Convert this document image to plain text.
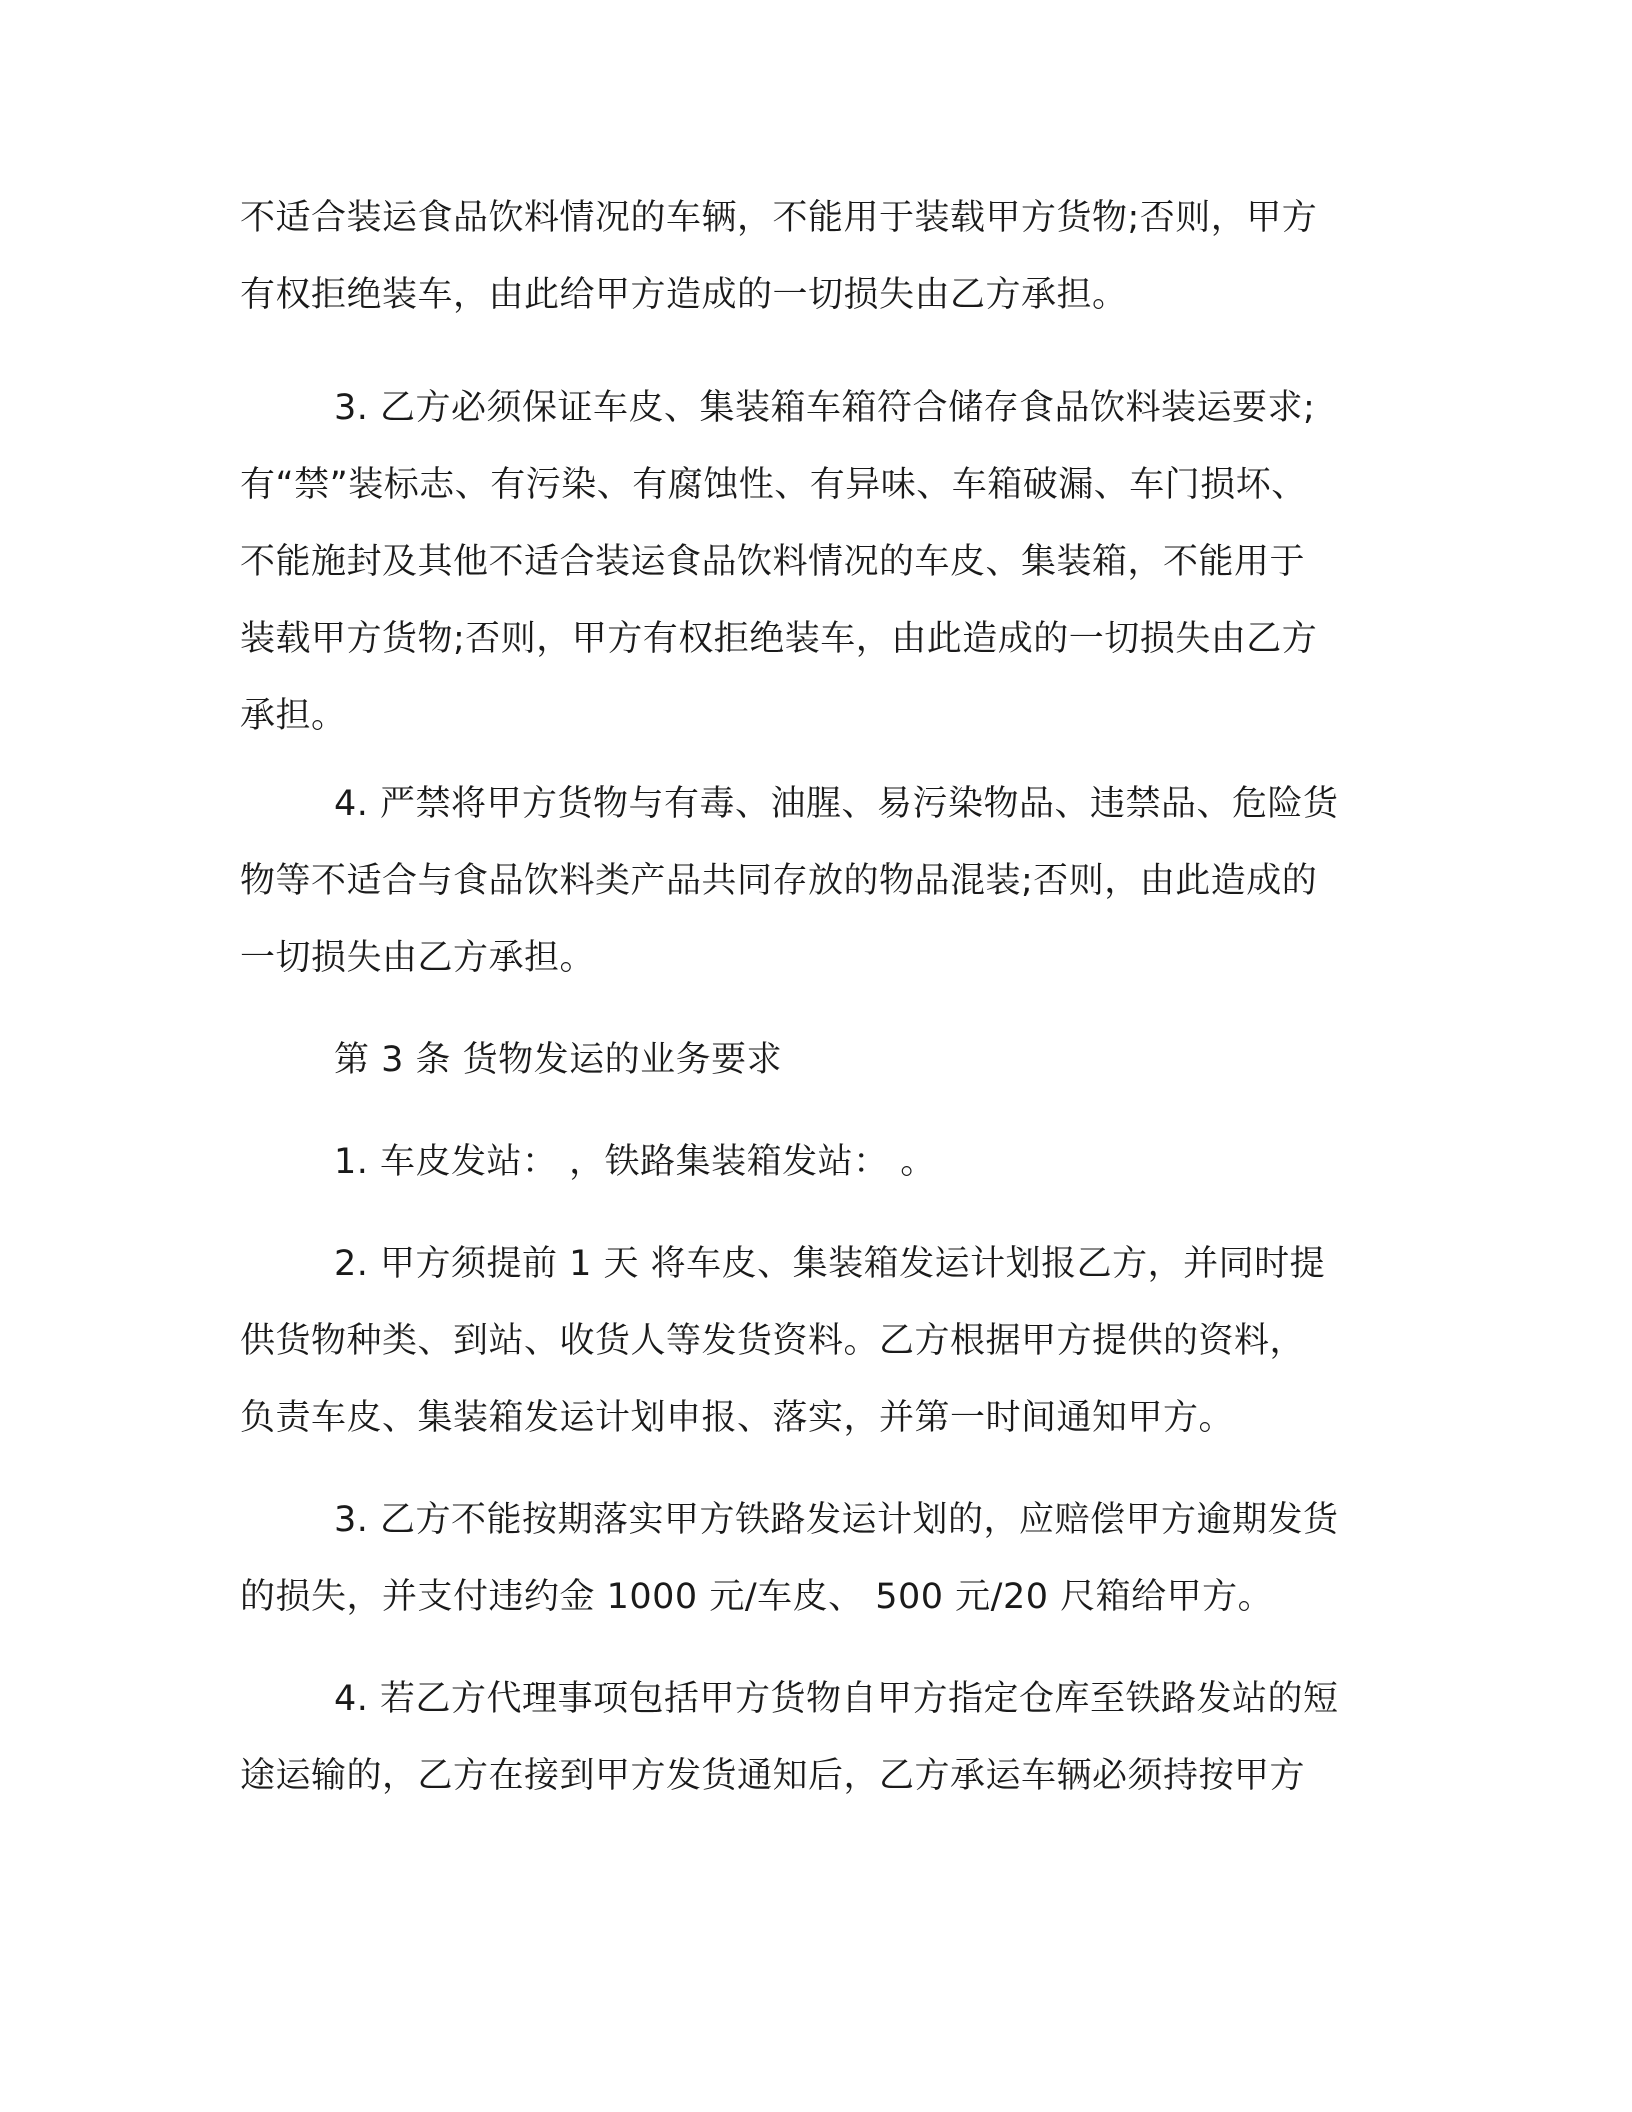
不适合装运食品饮料情况的车辆，不能用于装载甲方货物;否则，甲方
有权拒绝装车，由此给甲方造成的一切损失由乙方承担。
3. 乙方必须保证车皮、集装箱车箱符合储存食品饮料装运要求;
有“禁”装标志、有污染、有腐蚀性、有异味、车箱破漏、车门损坏、
不能施封及其他不适合装运食品饮料情况的车皮、集装箱，不能用于
装载甲方货物;否则，甲方有权拒绝装车，由此造成的一切损失由乙方
承担。
4. 严禁将甲方货物与有毒、油腥、易污染物品、违禁品、危险货
物等不适合与食品饮料类产品共同存放的物品混装;否则，由此造成的
一切损失由乙方承担。
第 3 条 货物发运的业务要求
1. 车皮发站： ，铁路集装箱发站： 。
2. 甲方须提前 1 天 将车皮、集装箱发运计划报乙方，并同时提
供货物种类、到站、收货人等发货资料。乙方根据甲方提供的资料，
负责车皮、集装箱发运计划申报、落实，并第一时间通知甲方。
3. 乙方不能按期落实甲方铁路发运计划的，应赔偿甲方逾期发货
的损失，并支付违约金 1000 元/车皮、 500 元/20 尺箱给甲方。
4. 若乙方代理事项包括甲方货物自甲方指定仓库至铁路发站的短
途运输的，乙方在接到甲方发货通知后，乙方承运车辆必须持按甲方
